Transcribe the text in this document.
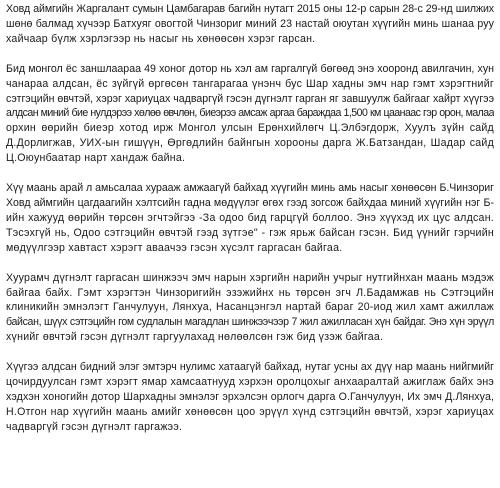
Ховд аймгийн Жаргалант сумын Цамбагарав багийн нутагт 2015 оны 12-р сарын 28-с 29-нд шилжих
шөнө балмад хүчээр Батхуяг овогтой Чинзориг миний 23 настай оюутан хүүгийн минь шанаа руу
хайчаар бүлж хэрлэгээр нь насыг нь хөнөөсөн хэрэг гарсан.
Бид монгол ёс заншлаараа 49 хоног дотор нь хэл ам гаргалгүй бөгөөд энэ хооронд авилгачин, хун
чанараа алдсан, ёс зүйгүй өргөсөн тангарагаа үнэнч бус Шар хадны эмч нар гэмт хэрэгтнийг
сэтгэцийн өвчтэй, хэрэг хариуцах чадваргүй гэсэн дүгнэлт гарган яг завшуулж байгааг хайрт хүүгээ
алдсан миний бие нулдэрээ хөлөө өвчлөн, биеэрээ амсаж аргаа бараждаа 1,500 км цаанаас гэр орон, малаа
орхин өөрийн биеэр хотод ирж Монгол улсын Ерөнхийлөгч Ц.Элбэгдорж, Хуулъ зүйн сайд
Д.Дорлигжав, УИХ-ын гишүүн, Өргөдлийн байнгын хорооны дарга Ж.Батзандан, Шадар сайд
Ц.Оюунбаатар нарт хандаж байна.
Хүү маань арай л амьсалаа хурааж амжаагүй байхад хүүгийн минь амь насыг хөнөөсөн Б.Чинзориг
Ховд аймгийн цагдаагийн хэлтсийн гадна мөдүүлэг өгөх гээд зогсож байхдаа миний хүүгийн нэг Б-
ийн хажууд өөрийн төрсөн эгчтэйгээ -За одоо бид гарцгүй боллоо. Энэ хүүхэд их цус алдсан.
Тэсэхгүй нь, Одоо сэтгэцийн өвчтэй гээд зүтгэе" - гэж ярьж байсан гэсэн. Бид үүнийг гэрчийн
мөдүүлгээр хавтаст хэрэгт аваачээ гэсэн хүсэлт гаргасан байгаа.
Хуурамч дүгнэлт гаргасан шинжээч эмч нарын хэргийн нарийн учрыг нутгийнхан маань мэдэж
байгаа байх. Гэмт хэрэгтэн Чинзоригийн эзэжийнх нь төрсөн эгч Л.Бадамжав нь Сэтгэцийн
клиникийн эмнэлэгт Ганчулуун, Лянхуа, Насанцэнгэл нартай бараг 20-иод жил хамт ажиллаж
байсан, шүүх сэтгэцийн гом судлалын магадлан шинжээчээр 7 жил ажилласан хүн байдаг. Энэ хүн эрүүл
хүнийг өвчтэй гэсэн дүгнэлт гаргуулахад нөлөөлсөн гэж бид үзэж байгаа.
Хүүгээ алдсан бидний элэг эмтэрч нулимс хатаагүй байхад, нутаг усны ах дүү нар маань нийгмийг
цочирдуулсан гэмт хэрэгт ямар хамсаатнууд хэрхэн оролцохыг анхааралтай ажиглаж байх энэ
хэдхэн хоногийн дотор Шархадны эмнэлэг эрхэлсэн орлогч дарга О.Ганчулуун, Их эмч Д.Лянхуа,
Н.Отгон нар хүүгийн маань амийг хөнөөсөн цоо эрүүл хүнд сэтгэцийн өвчтэй, хэрэг хариуцах
чадваргүй гэсэн дүгнэлт гаргажээ.
